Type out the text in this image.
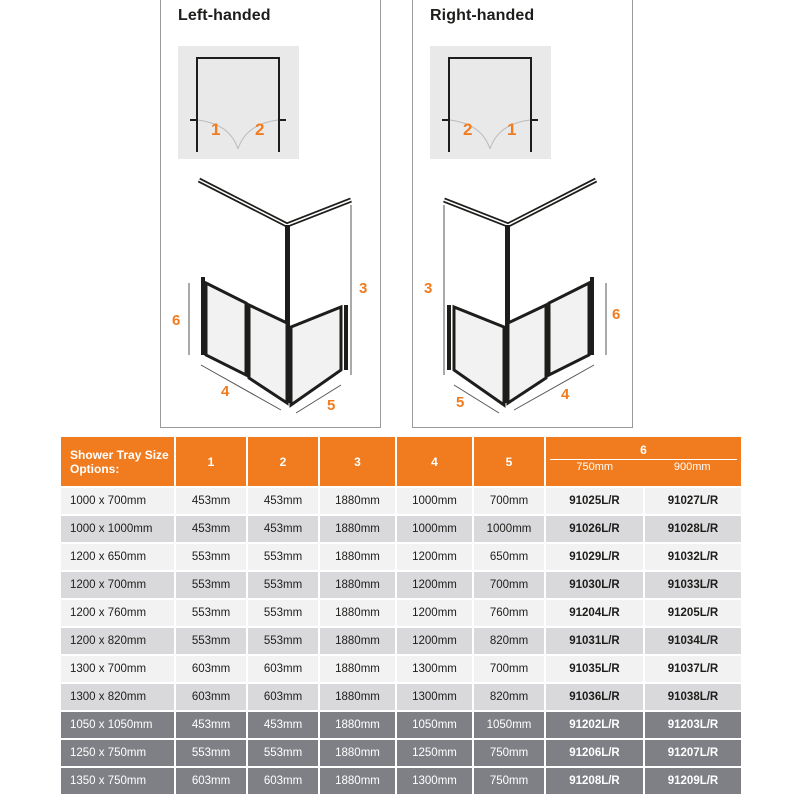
Left-handed
1 2
3
6
4
5
Right-handed
2 1
3
6
4
5
Shower Tray Size Options:	1	2	3	4	5	6
750mm 900mm	

1000 x 700mm	453mm	453mm	1880mm	1000mm	700mm	91025L/R	91027L/R
1000 x 1000mm	453mm	453mm	1880mm	1000mm	1000mm	91026L/R	91028L/R
1200 x 650mm	553mm	553mm	1880mm	1200mm	650mm	91029L/R	91032L/R
1200 x 700mm	553mm	553mm	1880mm	1200mm	700mm	91030L/R	91033L/R
1200 x 760mm	553mm	553mm	1880mm	1200mm	760mm	91204L/R	91205L/R
1200 x 820mm	553mm	553mm	1880mm	1200mm	820mm	91031L/R	91034L/R
1300 x 700mm	603mm	603mm	1880mm	1300mm	700mm	91035L/R	91037L/R
1300 x 820mm	603mm	603mm	1880mm	1300mm	820mm	91036L/R	91038L/R
1050 x 1050mm	453mm	453mm	1880mm	1050mm	1050mm	91202L/R	91203L/R
1250 x 750mm	553mm	553mm	1880mm	1250mm	750mm	91206L/R	91207L/R
1350 x 750mm	603mm	603mm	1880mm	1300mm	750mm	91208L/R	91209L/R
